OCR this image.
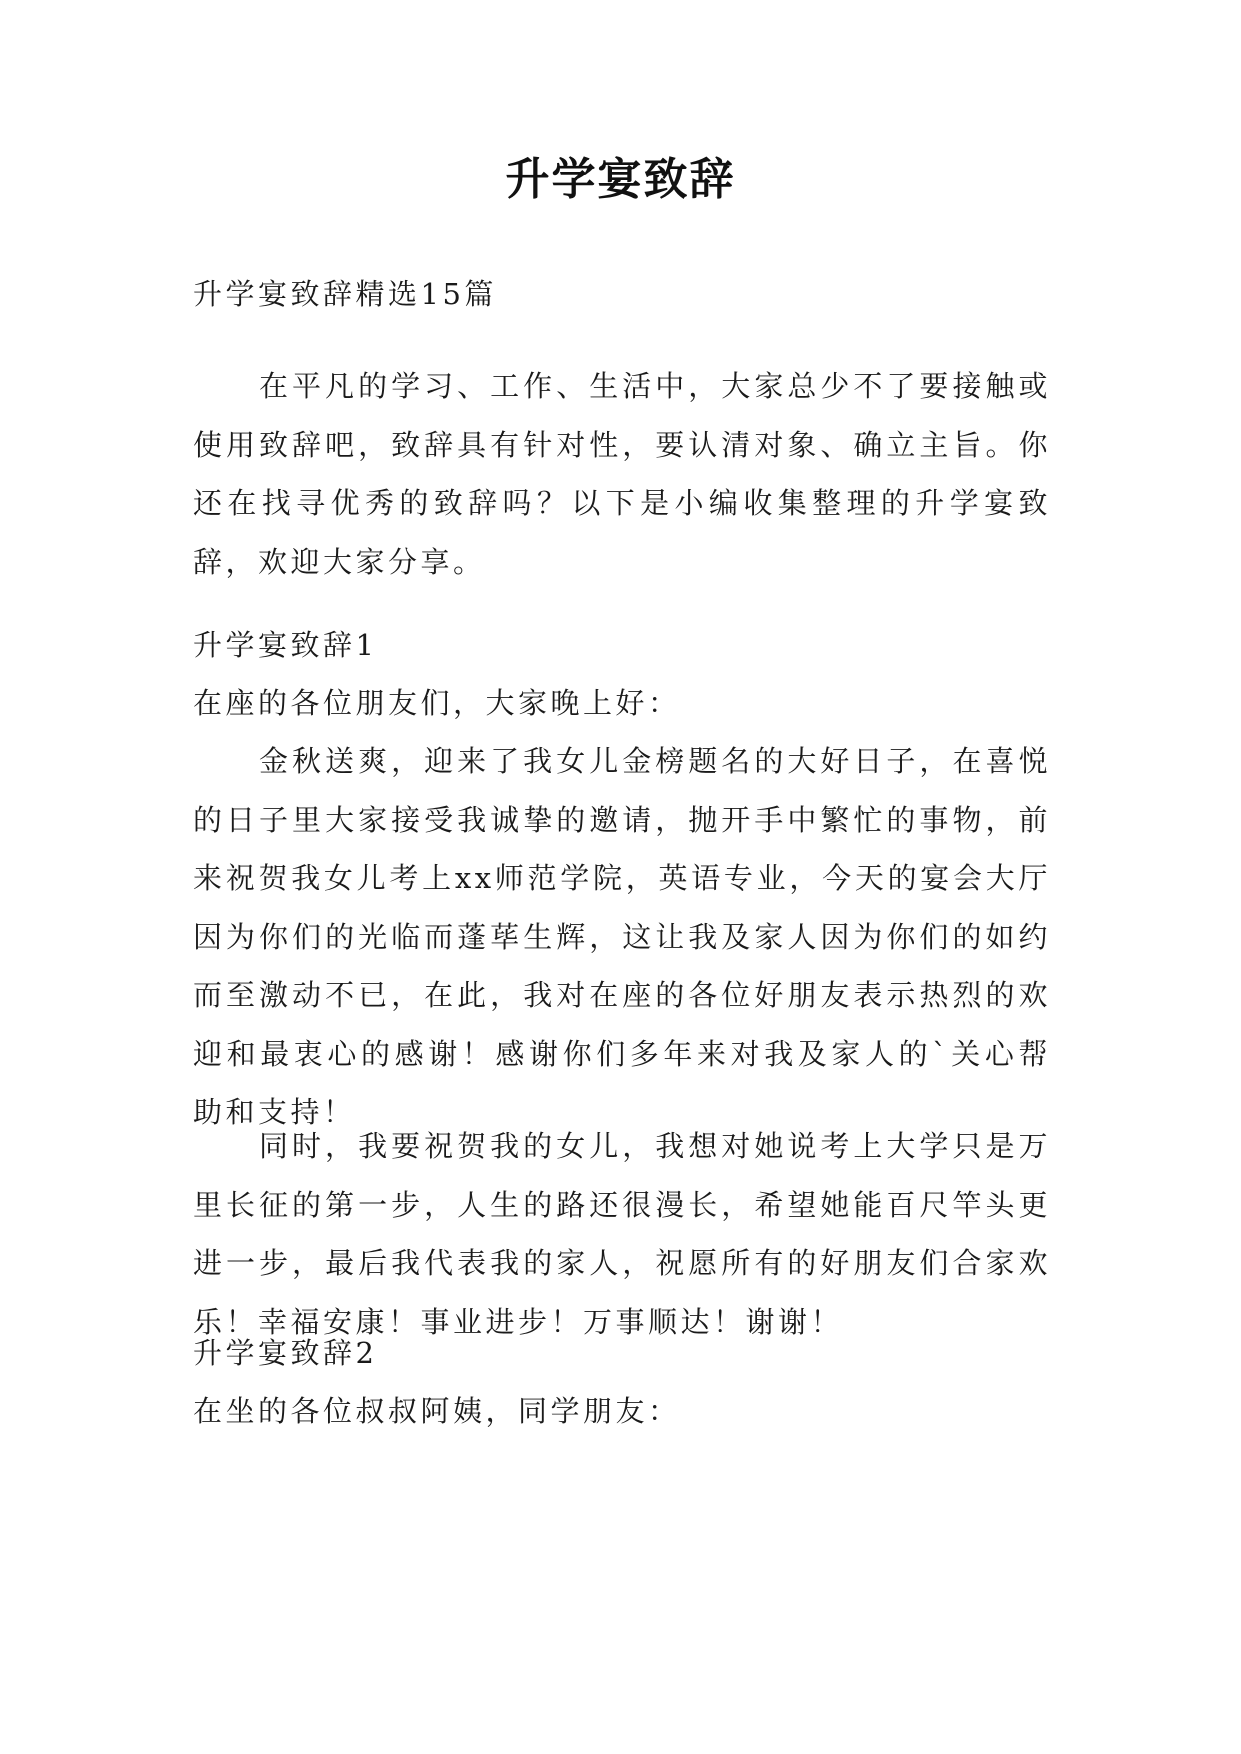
升学宴致辞

升学宴致辞精选15篇

在平凡的学习、工作、生活中，大家总少不了要接触或使用致辞吧，致辞具有针对性，要认清对象、确立主旨。你还在找寻优秀的致辞吗？以下是小编收集整理的升学宴致辞，欢迎大家分享。

升学宴致辞1

在座的各位朋友们，大家晚上好：

金秋送爽，迎来了我女儿金榜题名的大好日子，在喜悦的日子里大家接受我诚挚的邀请，抛开手中繁忙的事物，前来祝贺我女儿考上xx师范学院，英语专业，今天的宴会大厅因为你们的光临而蓬荜生辉，这让我及家人因为你们的如约而至激动不已，在此，我对在座的各位好朋友表示热烈的欢迎和最衷心的感谢！感谢你们多年来对我及家人的`关心帮助和支持！

同时，我要祝贺我的女儿，我想对她说考上大学只是万里长征的第一步，人生的路还很漫长，希望她能百尺竿头更进一步，最后我代表我的家人，祝愿所有的好朋友们合家欢乐！幸福安康！事业进步！万事顺达！谢谢！

升学宴致辞2

在坐的各位叔叔阿姨，同学朋友：
